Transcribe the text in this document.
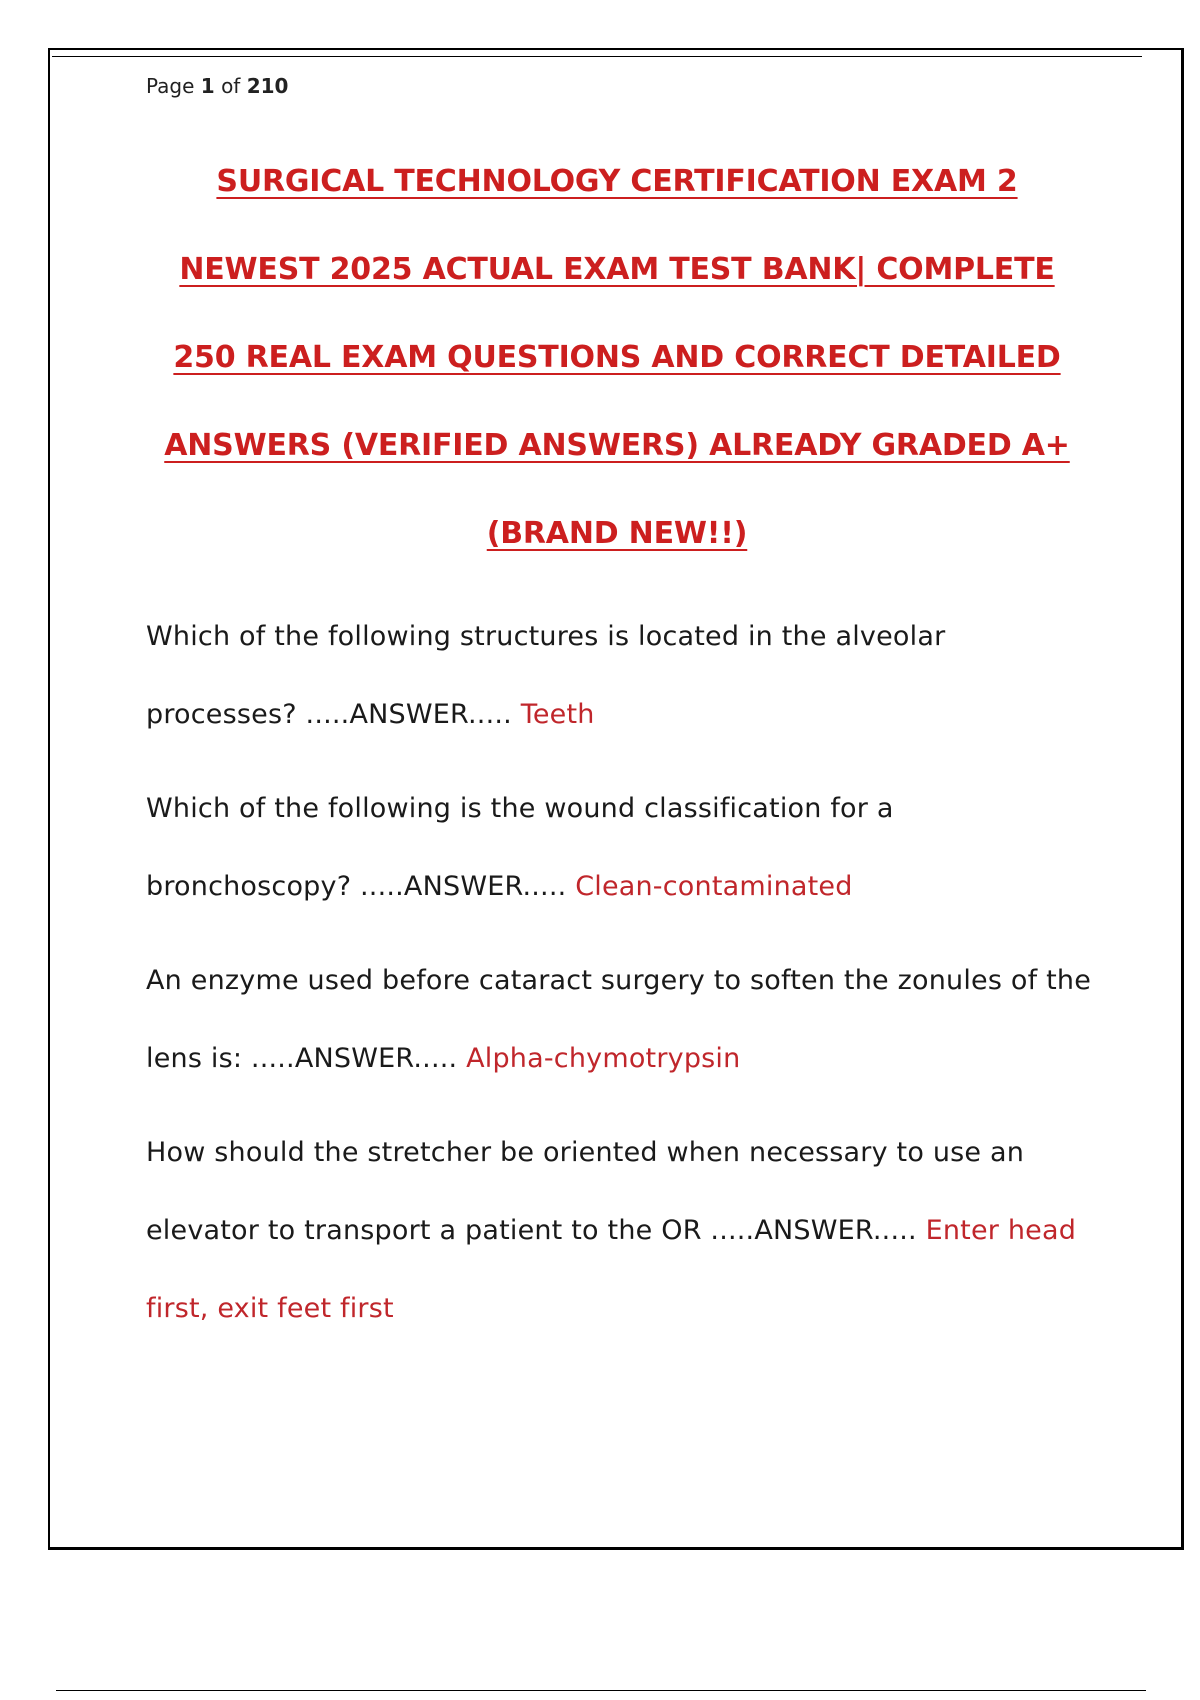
Page 1 of 210
SURGICAL TECHNOLOGY CERTIFICATION EXAM 2
NEWEST 2025 ACTUAL EXAM TEST BANK| COMPLETE
250 REAL EXAM QUESTIONS AND CORRECT DETAILED
ANSWERS (VERIFIED ANSWERS) ALREADY GRADED A+
(BRAND NEW!!)

Which of the following structures is located in the alveolar processes? .....ANSWER..... Teeth

Which of the following is the wound classification for a bronchoscopy? .....ANSWER..... Clean-contaminated

An enzyme used before cataract surgery to soften the zonules of the lens is: .....ANSWER..... Alpha-chymotrypsin

How should the stretcher be oriented when necessary to use an elevator to transport a patient to the OR .....ANSWER..... Enter head first, exit feet first
